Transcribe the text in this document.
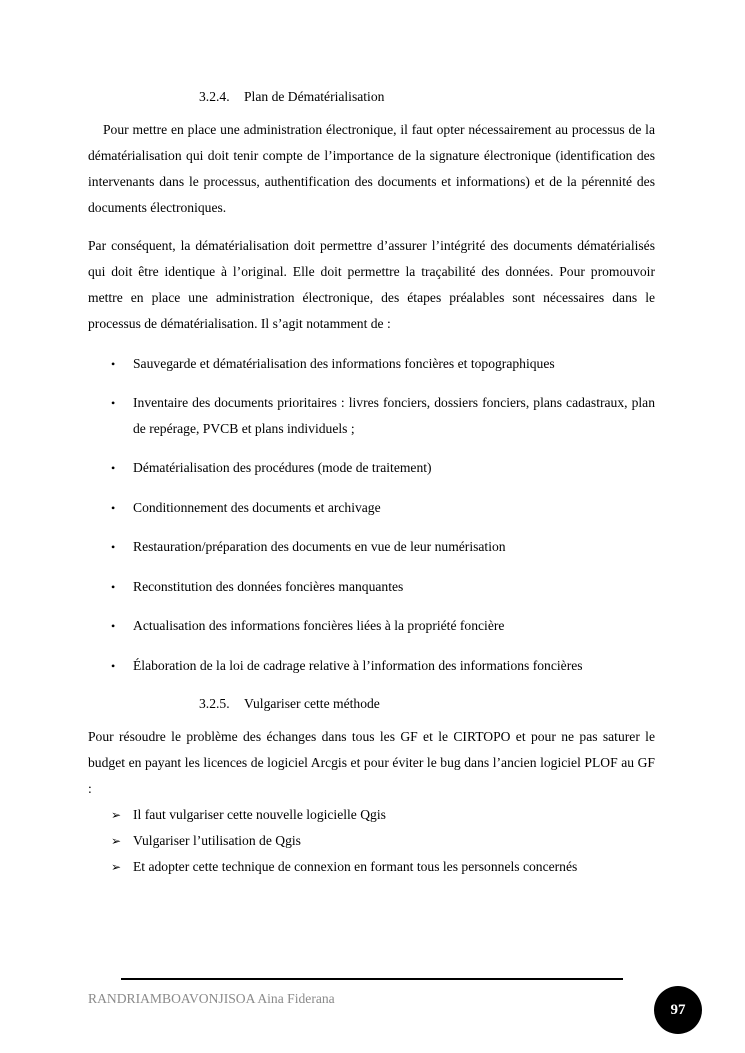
3.2.4. Plan de Dématérialisation

Pour mettre en place une administration électronique, il faut opter nécessairement au processus de la dématérialisation qui doit tenir compte de l’importance de la signature électronique (identification des intervenants dans le processus, authentification des documents et informations) et de la pérennité des documents électroniques.

Par conséquent, la dématérialisation doit permettre d’assurer l’intégrité des documents dématérialisés qui doit être identique à l’original. Elle doit permettre la traçabilité des données. Pour promouvoir mettre en place une administration électronique, des étapes préalables sont nécessaires dans le processus de dématérialisation. Il s’agit notamment de :

• Sauvegarde et dématérialisation des informations foncières et topographiques
• Inventaire des documents prioritaires : livres fonciers, dossiers fonciers, plans cadastraux, plan de repérage, PVCB et plans individuels ;
• Dématérialisation des procédures (mode de traitement)
• Conditionnement des documents et archivage
• Restauration/préparation des documents en vue de leur numérisation
• Reconstitution des données foncières manquantes
• Actualisation des informations foncières liées à la propriété foncière
• Élaboration de la loi de cadrage relative à l’information des informations foncières
3.2.5. Vulgariser cette méthode

Pour résoudre le problème des échanges dans tous les GF et le CIRTOPO et pour ne pas saturer le budget en payant les licences de logiciel Arcgis et pour éviter le bug dans l’ancien logiciel PLOF au GF :

➢ Il faut vulgariser cette nouvelle logicielle Qgis
➢ Vulgariser l’utilisation de Qgis
➢ Et adopter cette technique de connexion en formant tous les personnels concernés
RANDRIAMBOAVONJISOA Aina Fiderana
97
